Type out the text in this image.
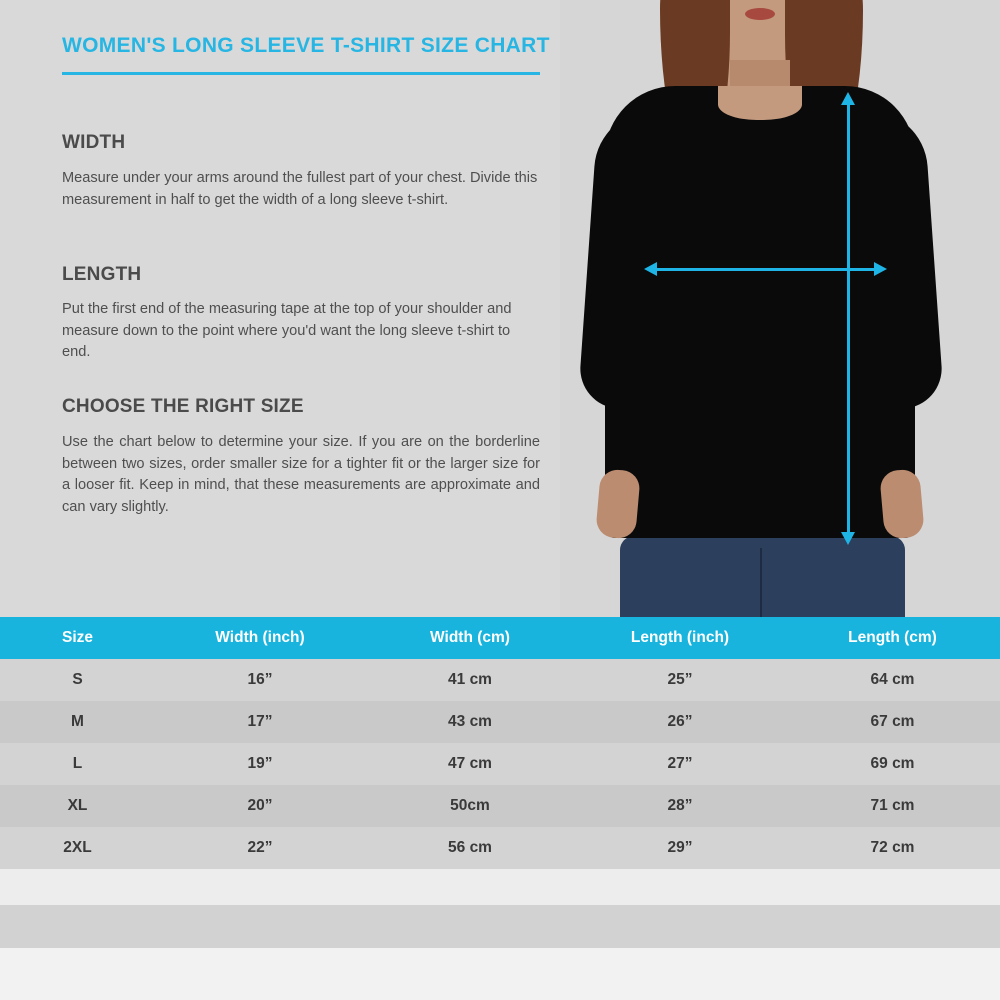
WOMEN'S LONG SLEEVE T-SHIRT SIZE CHART
WIDTH
Measure under your arms around the fullest part of your chest. Divide this measurement in half to get the width of a long sleeve t-shirt.
LENGTH
Put the first end of the measuring tape at the top of your shoulder and measure down to the point where you'd want the long sleeve t-shirt to end.
CHOOSE THE RIGHT SIZE
Use the chart below to determine your size. If you are on the borderline between two sizes, order smaller size for a tighter fit or the larger size for a looser fit. Keep in mind, that these measurements are approximate and can vary slightly.
Size	Width (inch)	Width (cm)	Length (inch)	Length (cm)
S	16”	41 cm	25”	64 cm
M	17”	43 cm	26”	67 cm
L	19”	47 cm	27”	69 cm
XL	20”	50cm	28”	71 cm
2XL	22”	56 cm	29”	72 cm
